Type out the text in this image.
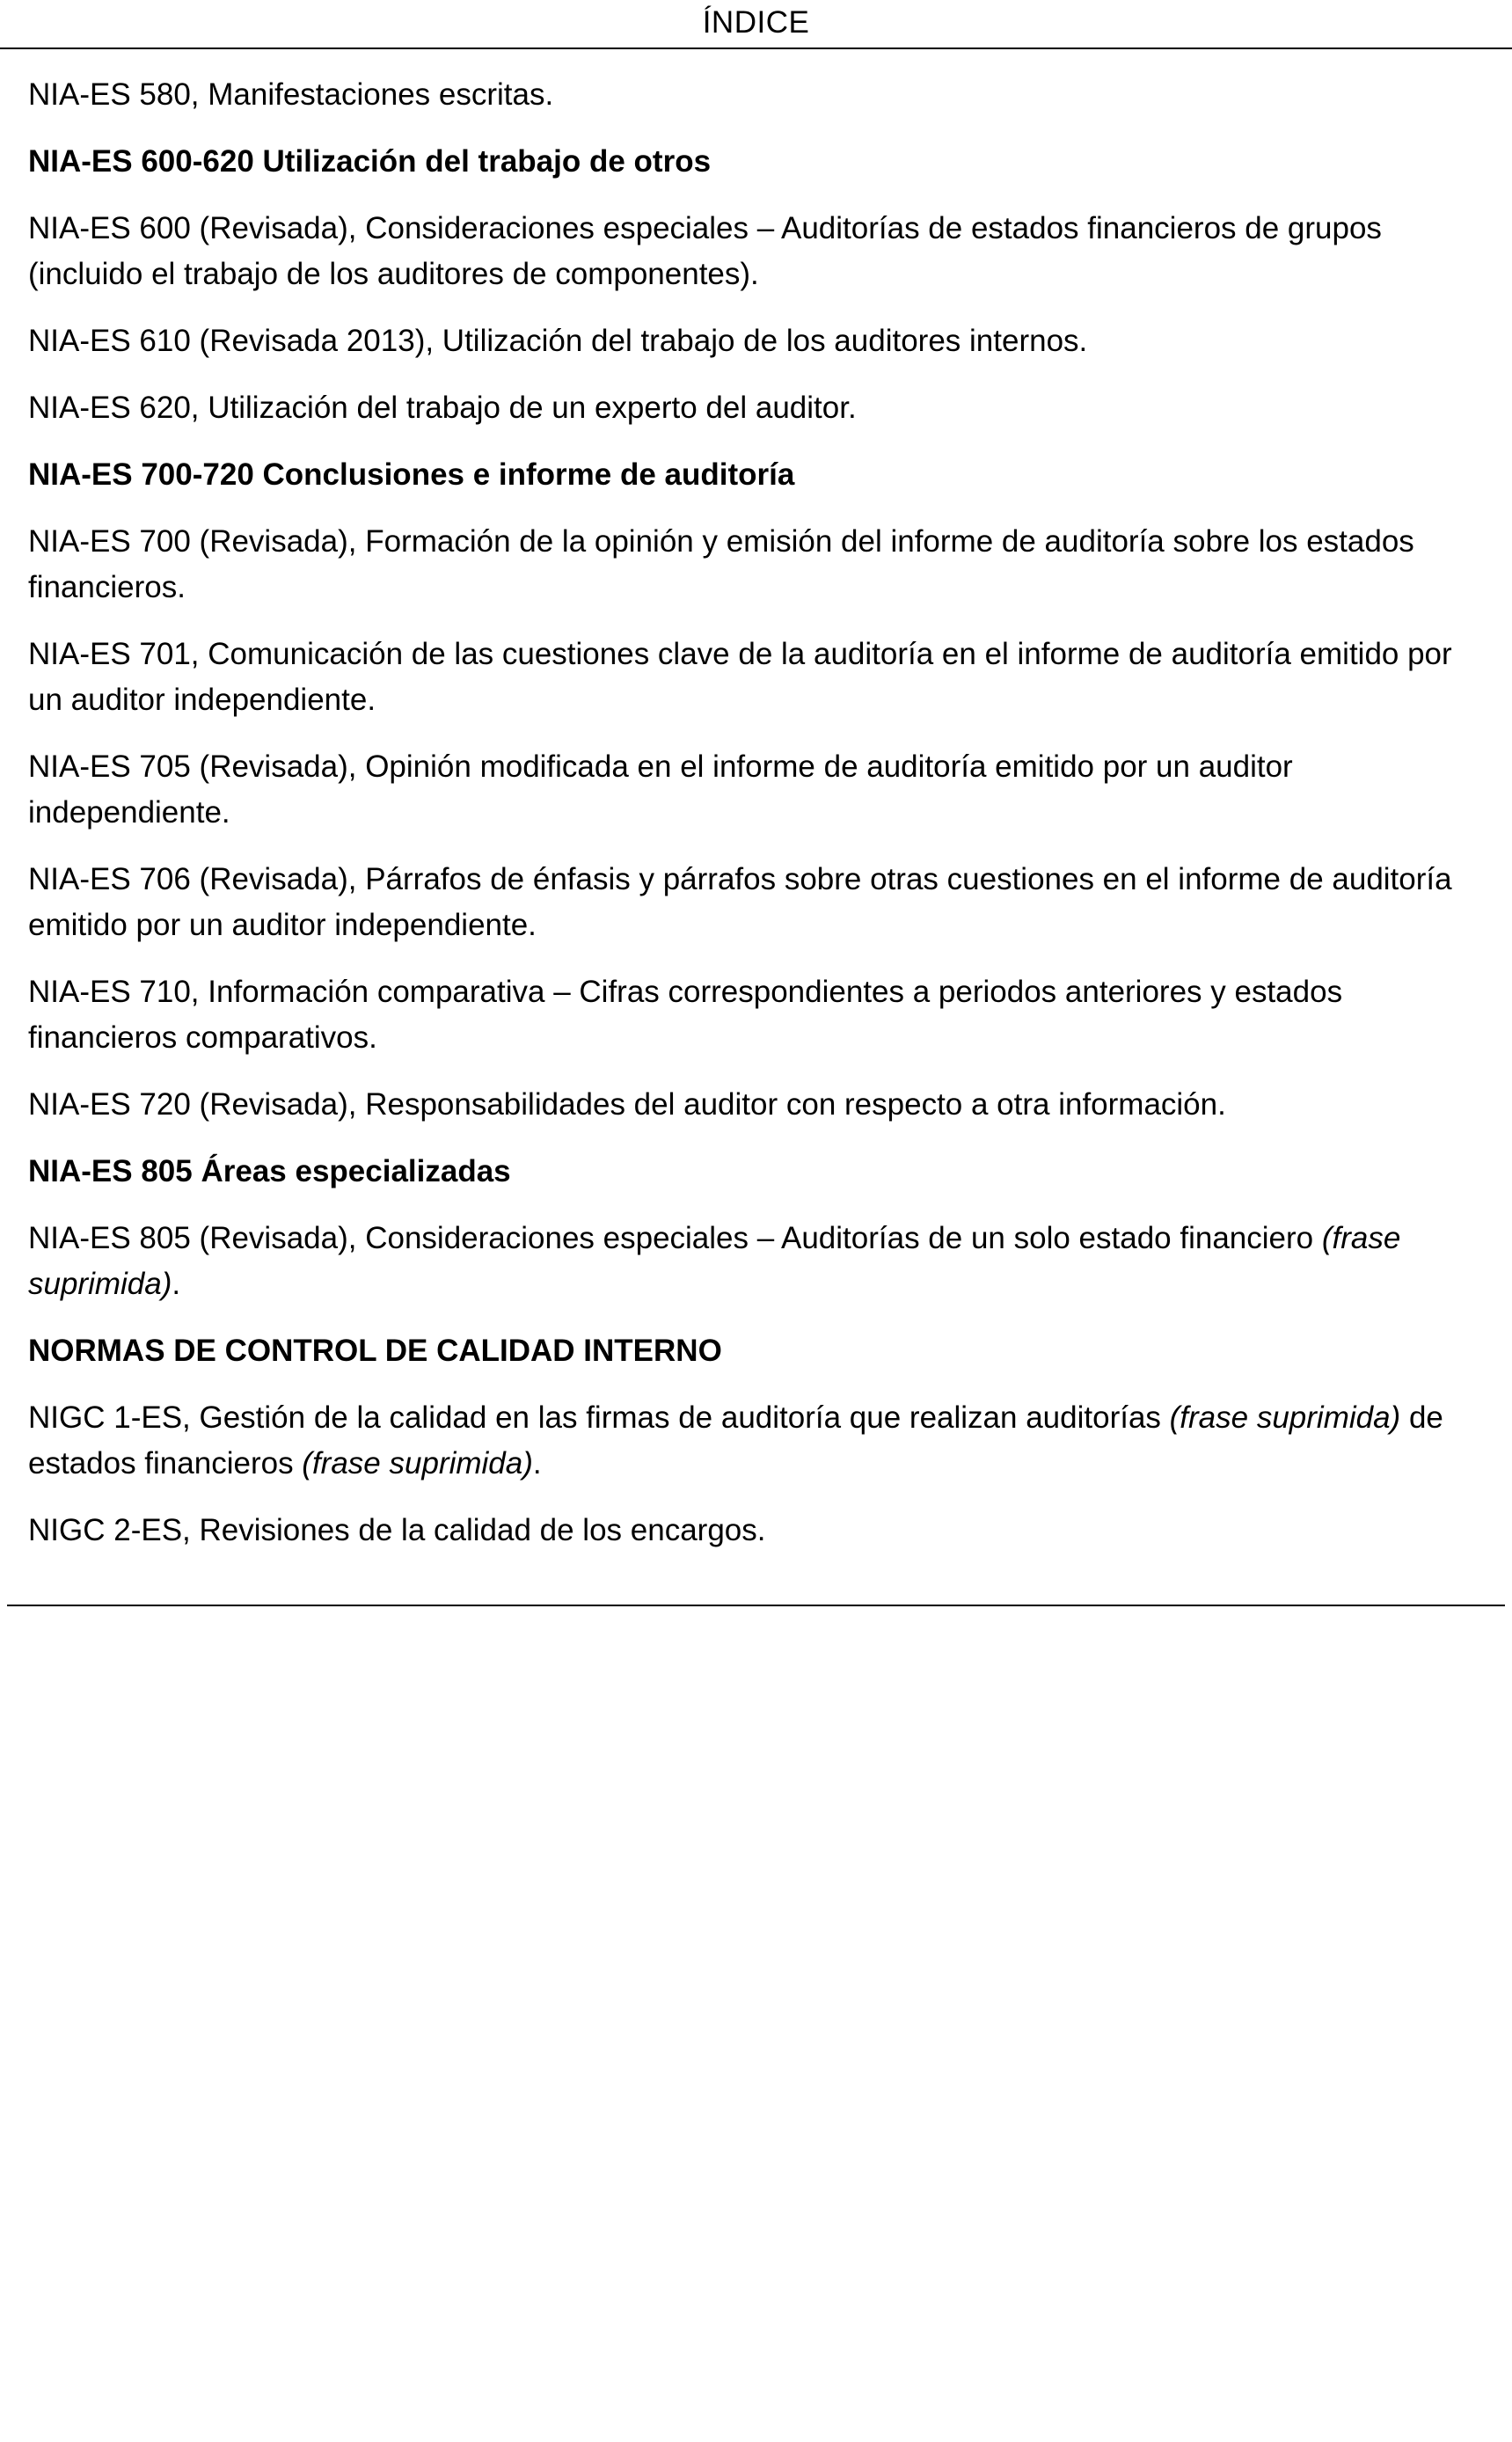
ÍNDICE

NIA-ES 580, Manifestaciones escritas.

NIA-ES 600-620 Utilización del trabajo de otros

NIA-ES 600 (Revisada), Consideraciones especiales – Auditorías de estados financieros de grupos (incluido el trabajo de los auditores de componentes).

NIA-ES 610 (Revisada 2013), Utilización del trabajo de los auditores internos.

NIA-ES 620, Utilización del trabajo de un experto del auditor.

NIA-ES 700-720 Conclusiones e informe de auditoría

NIA-ES 700 (Revisada), Formación de la opinión y emisión del informe de auditoría sobre los estados financieros.

NIA-ES 701, Comunicación de las cuestiones clave de la auditoría en el informe de auditoría emitido por un auditor independiente.

NIA-ES 705 (Revisada), Opinión modificada en el informe de auditoría emitido por un auditor independiente.

NIA-ES 706 (Revisada), Párrafos de énfasis y párrafos sobre otras cuestiones en el informe de auditoría emitido por un auditor independiente.

NIA-ES 710, Información comparativa – Cifras correspondientes a periodos anteriores y estados financieros comparativos.

NIA-ES 720 (Revisada), Responsabilidades del auditor con respecto a otra información.

NIA-ES 805 Áreas especializadas

NIA-ES 805 (Revisada), Consideraciones especiales – Auditorías de un solo estado financiero (frase suprimida).

NORMAS DE CONTROL DE CALIDAD INTERNO

NIGC 1-ES, Gestión de la calidad en las firmas de auditoría que realizan auditorías (frase suprimida) de estados financieros (frase suprimida).

NIGC 2-ES, Revisiones de la calidad de los encargos.
